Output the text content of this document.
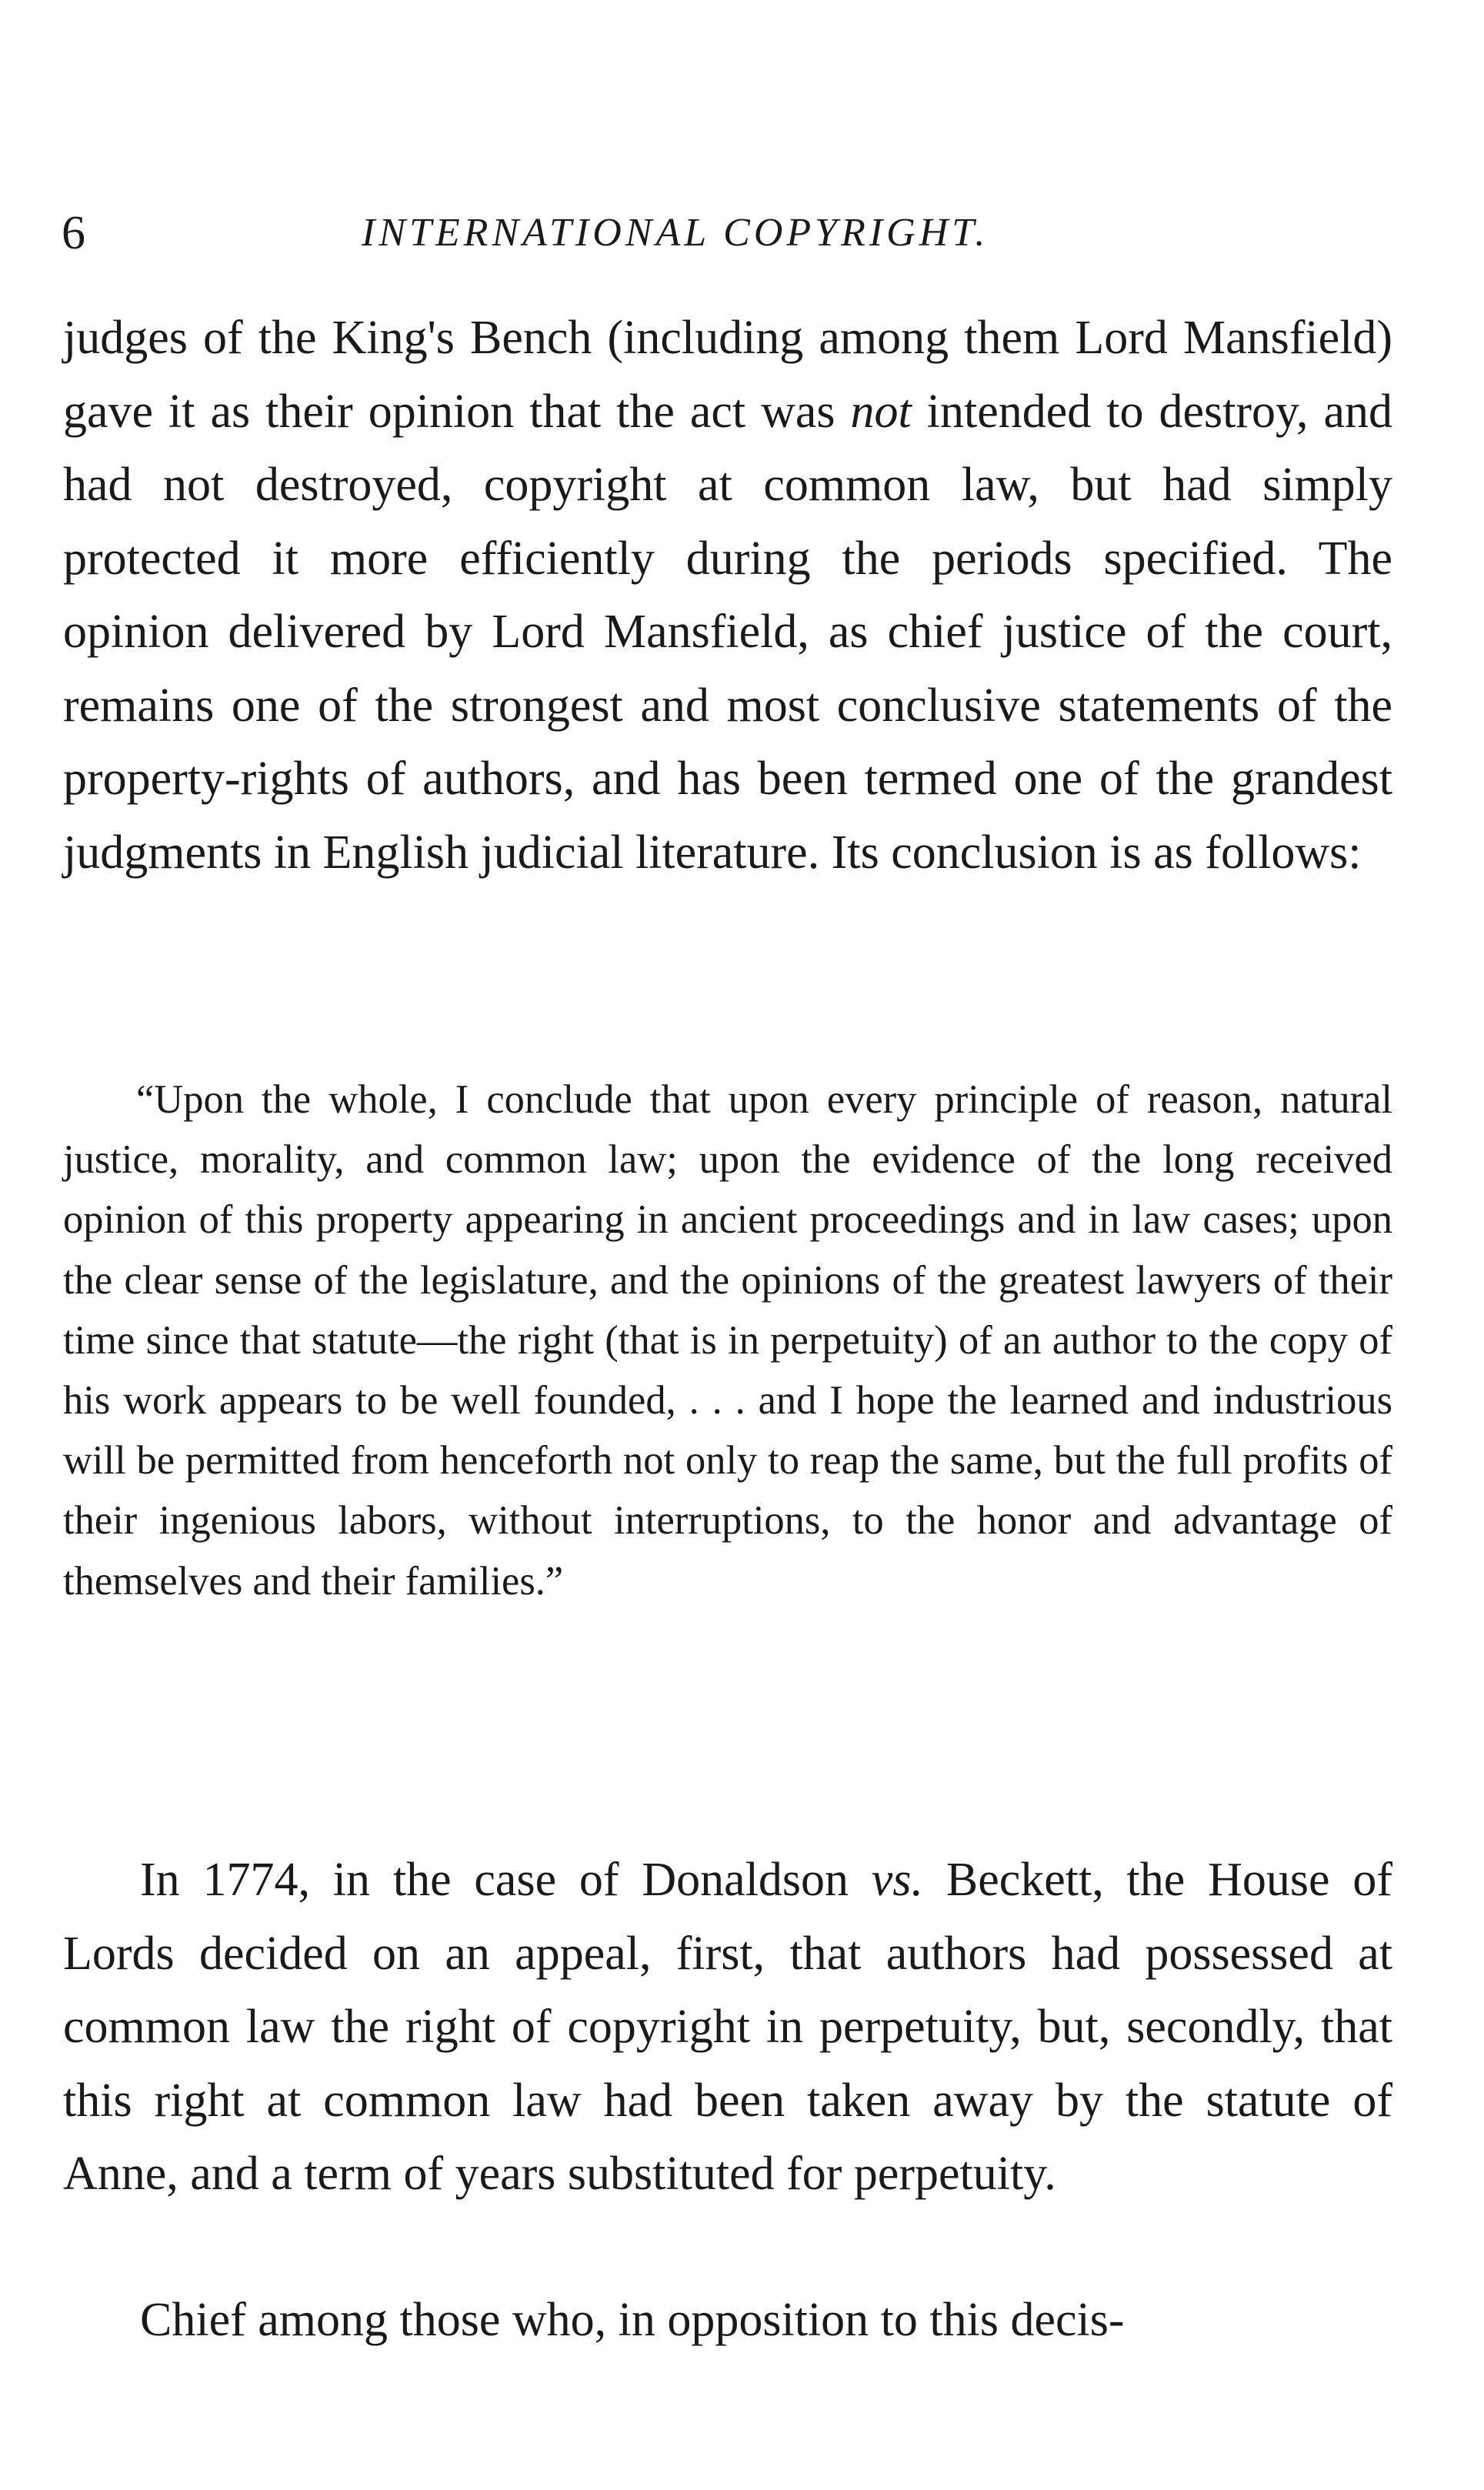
6	INTERNATIONAL COPYRIGHT.

judges of the King's Bench (including among them Lord Mansfield) gave it as their opinion that the act was not intended to destroy, and had not destroyed, copyright at common law, but had simply protected it more efficiently during the periods specified. The opinion delivered by Lord Mansfield, as chief justice of the court, remains one of the strongest and most conclusive statements of the property-rights of authors, and has been termed one of the grandest judgments in English judicial literature. Its conclusion is as follows:

“Upon the whole, I conclude that upon every principle of reason, natural justice, morality, and common law; upon the evidence of the long received opinion of this property appearing in ancient proceedings and in law cases; upon the clear sense of the legislature, and the opinions of the greatest lawyers of their time since that statute—the right (that is in perpetuity) of an author to the copy of his work appears to be well founded, . . . and I hope the learned and industrious will be permitted from henceforth not only to reap the same, but the full profits of their ingenious labors, without interruptions, to the honor and advantage of themselves and their families.”

In 1774, in the case of Donaldson vs. Beckett, the House of Lords decided on an appeal, first, that authors had possessed at common law the right of copyright in perpetuity, but, secondly, that this right at common law had been taken away by the statute of Anne, and a term of years substituted for perpetuity.

Chief among those who, in opposition to this decis-
